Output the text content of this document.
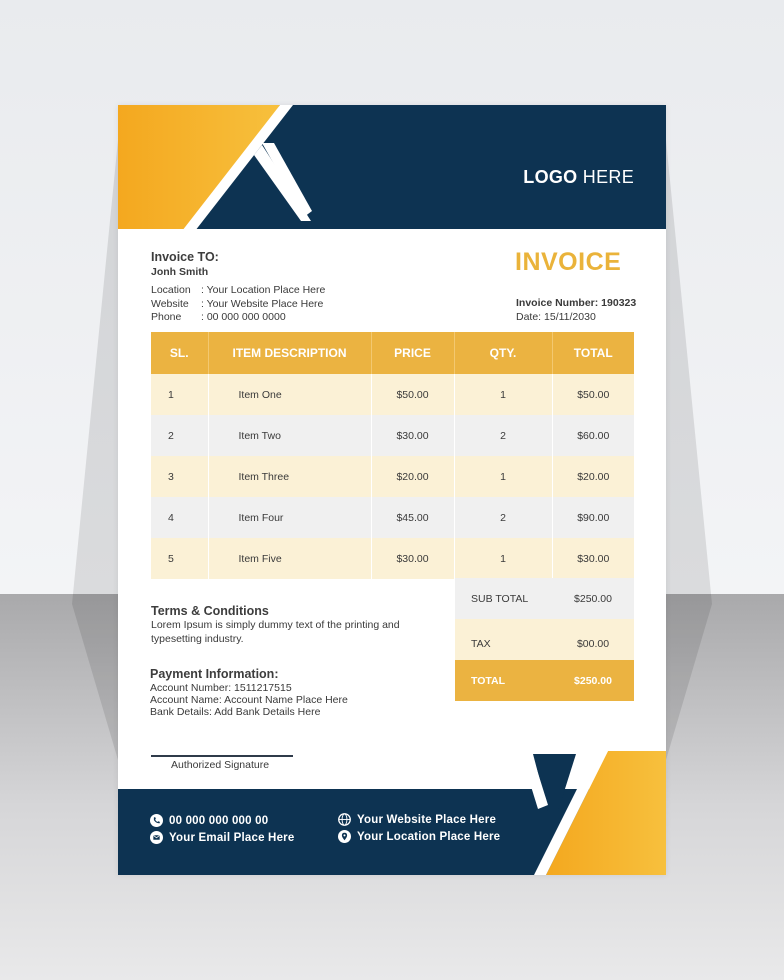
LOGO HERE
Invoice TO:
Jonh Smith
Location : Your Location Place Here
Website	: Your Website Place Here
Phone	: 00 000 000 0000
INVOICE
Invoice Number: 190323
Date: 15/11/2030
SL.	ITEM DESCRIPTION	PRICE	QTY.	TOTAL
1	Item One	$50.00	1	$50.00
2	Item Two	$30.00	2	$60.00
3	Item Three	$20.00	1	$20.00
4	Item Four	$45.00	2	$90.00
5	Item Five	$30.00	1	$30.00
SUB TOTAL	$250.00
TAX	$00.00
TOTAL	$250.00
Terms & Conditions
Lorem Ipsum is simply dummy text of the printing and
typesetting industry.
Payment Information:
Account Number: 1511217515
Account Name: Account Name Place Here
Bank Details: Add Bank Details Here
Authorized Signature
00 000 000 000 00
Your Email Place Here
Your Website Place Here
Your Location Place Here
